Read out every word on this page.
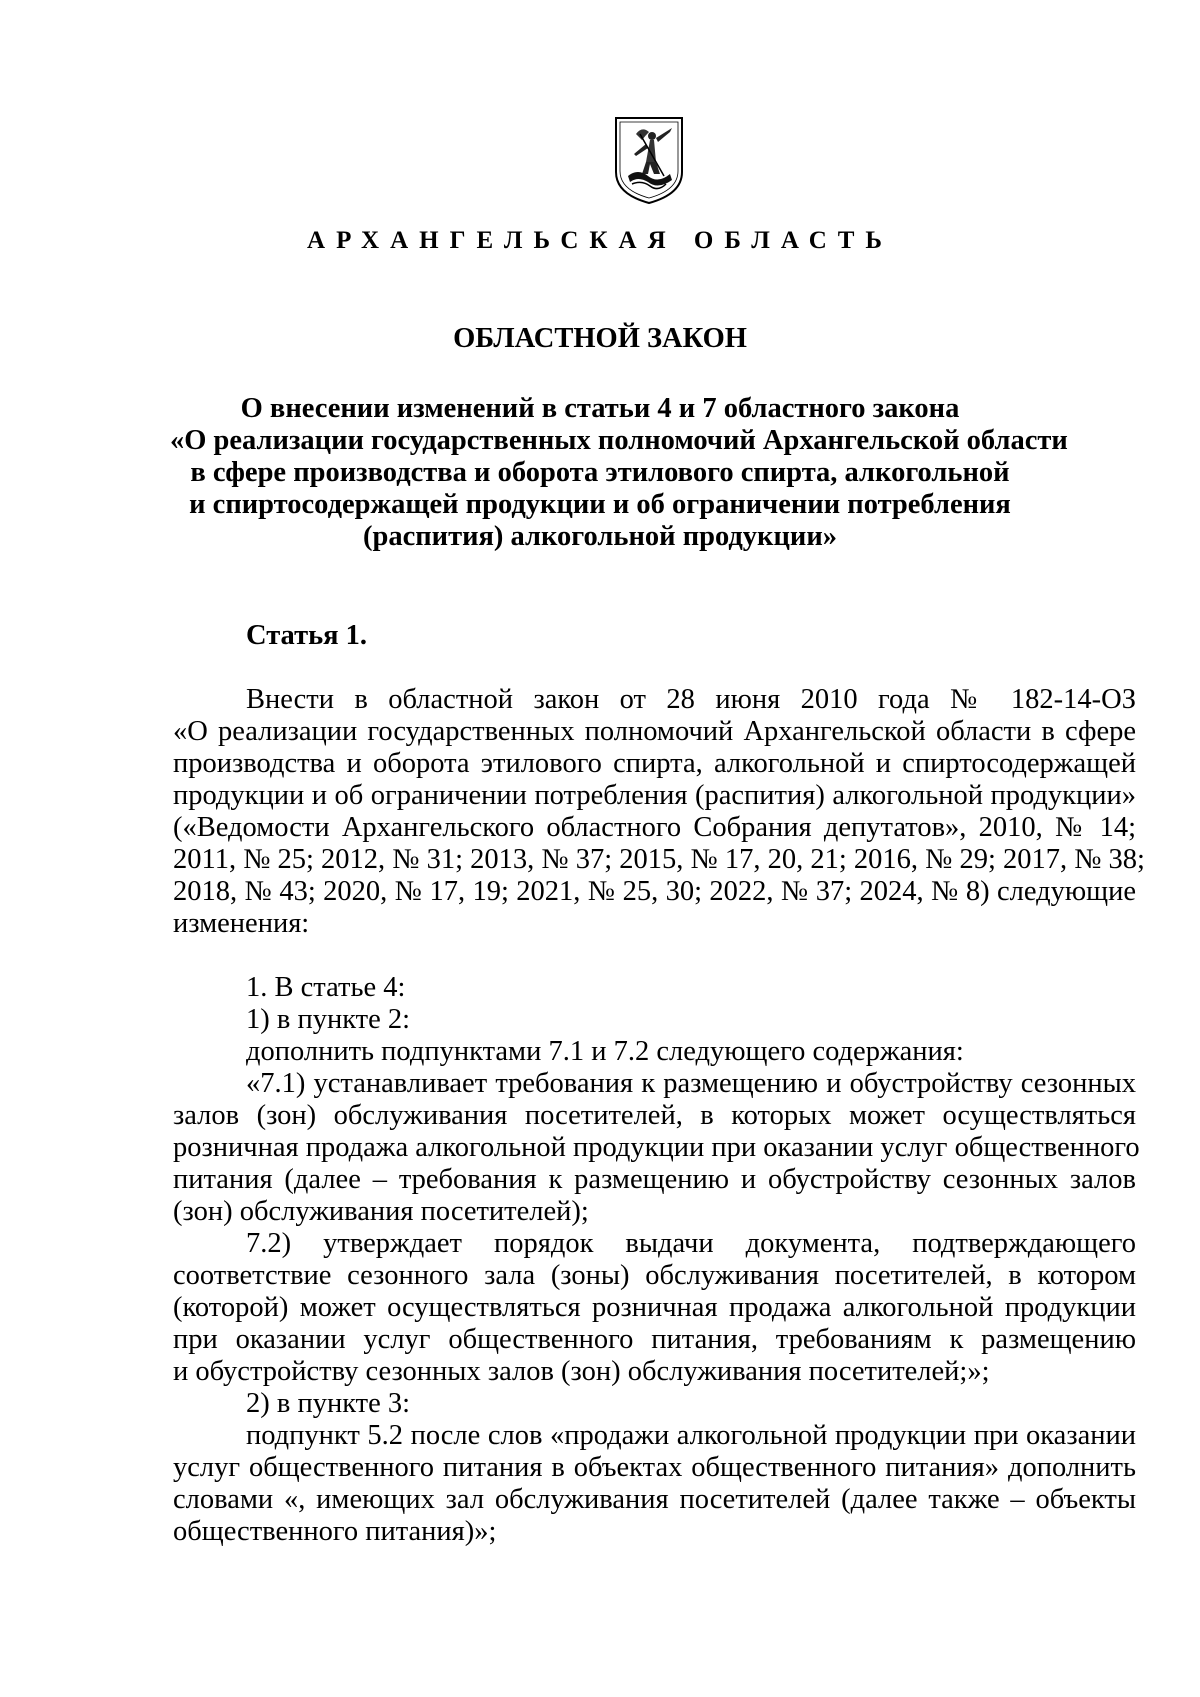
АРХАНГЕЛЬСКАЯ ОБЛАСТЬ
ОБЛАСТНОЙ ЗАКОН
О внесении изменений в статьи 4 и 7 областного закона
«О реализации государственных полномочий Архангельской области
в сфере производства и оборота этилового спирта, алкогольной
и спиртосодержащей продукции и об ограничении потребления
(распития) алкогольной продукции»
Статья 1.
Внести в областной закон от 28 июня 2010 года № 182-14-ОЗ
«О реализации государственных полномочий Архангельской области в сфере
производства и оборота этилового спирта, алкогольной и спиртосодержащей
продукции и об ограничении потребления (распития) алкогольной продукции»
(«Ведомости Архангельского областного Собрания депутатов», 2010, № 14;
2011, № 25; 2012, № 31; 2013, № 37; 2015, № 17, 20, 21; 2016, № 29; 2017, № 38;
2018, № 43; 2020, № 17, 19; 2021, № 25, 30; 2022, № 37; 2024, № 8) следующие
изменения:
1. В статье 4:
1) в пункте 2:
дополнить подпунктами 7.1 и 7.2 следующего содержания:
«7.1) устанавливает требования к размещению и обустройству сезонных
залов (зон) обслуживания посетителей, в которых может осуществляться
розничная продажа алкогольной продукции при оказании услуг общественного
питания (далее – требования к размещению и обустройству сезонных залов
(зон) обслуживания посетителей);
7.2) утверждает порядок выдачи документа, подтверждающего
соответствие сезонного зала (зоны) обслуживания посетителей, в котором
(которой) может осуществляться розничная продажа алкогольной продукции
при оказании услуг общественного питания, требованиям к размещению
и обустройству сезонных залов (зон) обслуживания посетителей;»;
2) в пункте 3:
подпункт 5.2 после слов «продажи алкогольной продукции при оказании
услуг общественного питания в объектах общественного питания» дополнить
словами «, имеющих зал обслуживания посетителей (далее также – объекты
общественного питания)»;
